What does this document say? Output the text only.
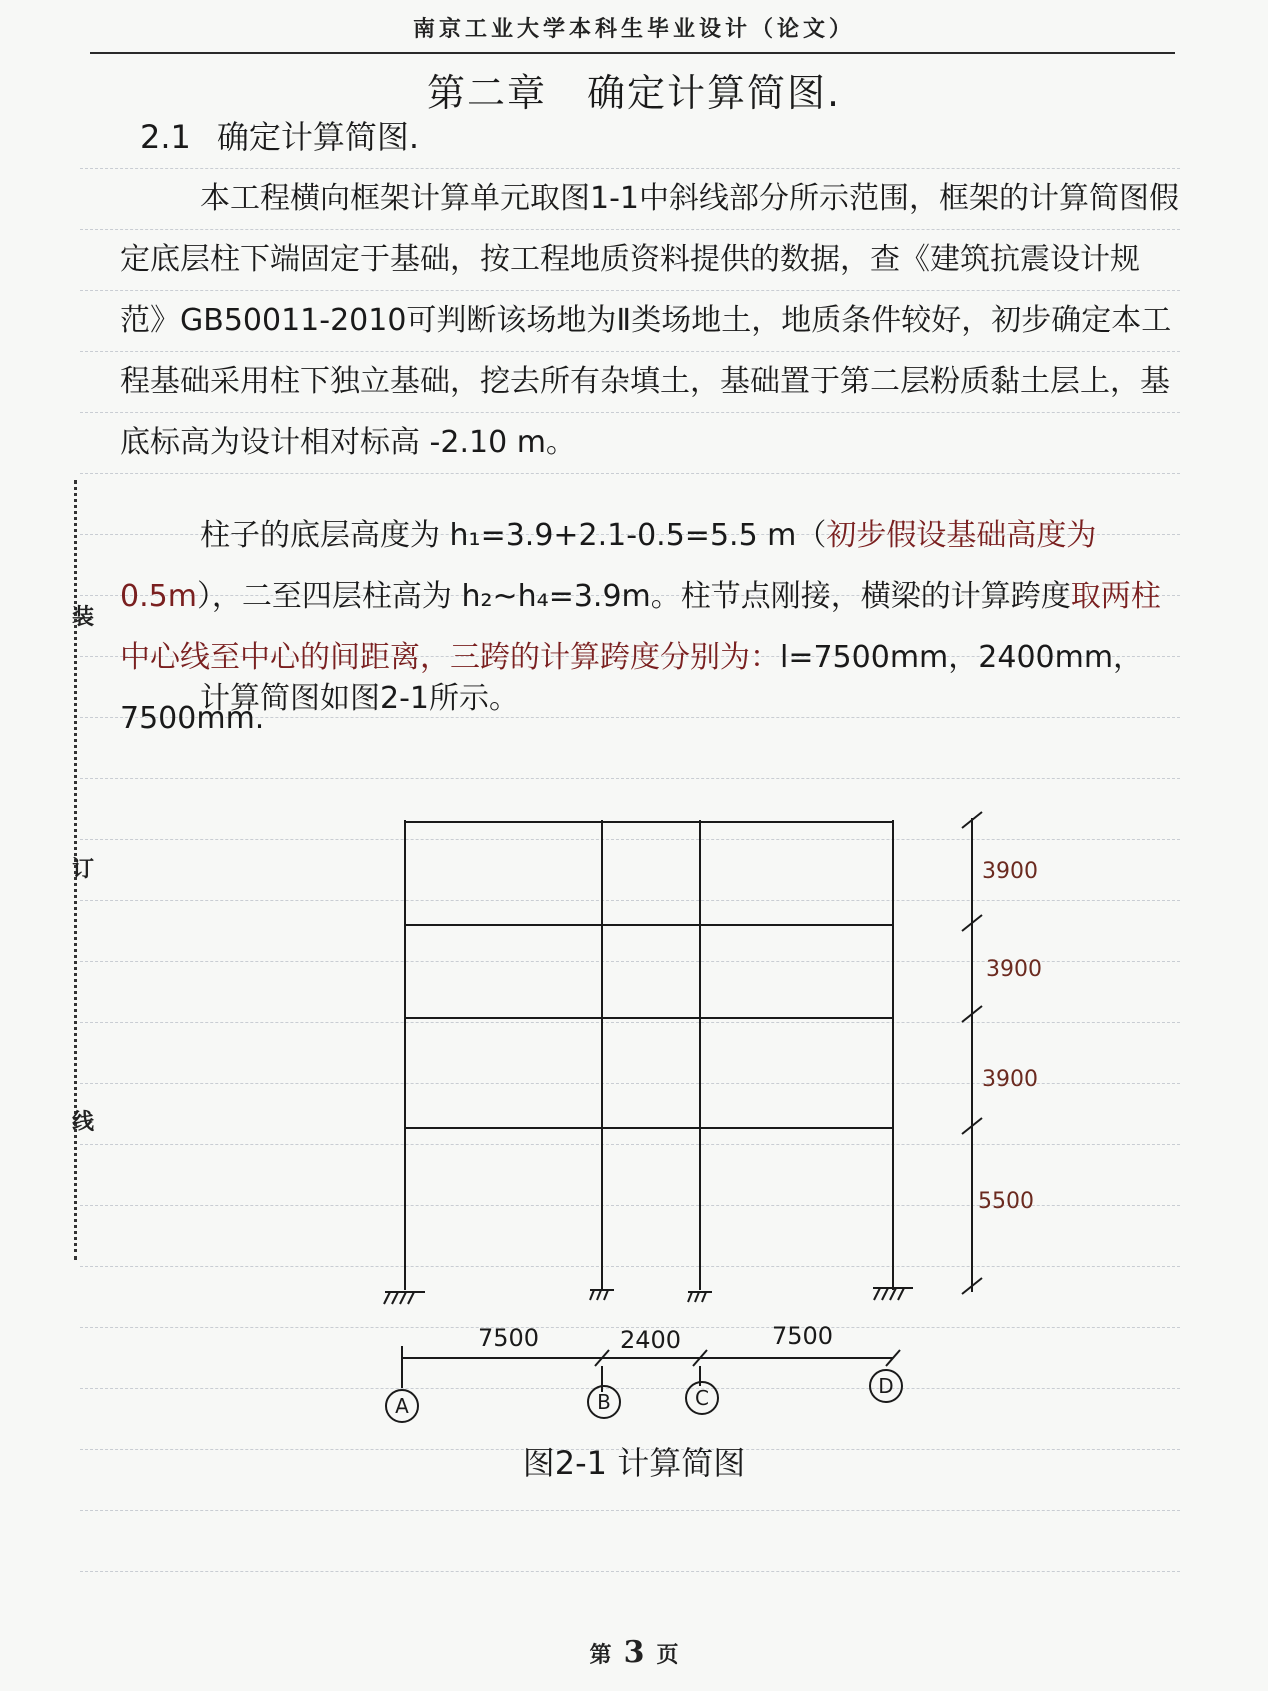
南京工业大学本科生毕业设计（论文）
第二章 确定计算简图.
2.1 确定计算简图.
本工程横向框架计算单元取图1-1中斜线部分所示范围，框架的计算简图假定底层柱下端固定于基础，按工程地质资料提供的数据，查《建筑抗震设计规范》GB50011-2010可判断该场地为Ⅱ类场地土，地质条件较好，初步确定本工程基础采用柱下独立基础，挖去所有杂填土，基础置于第二层粉质黏土层上，基底标高为设计相对标高 -2.10 m。
柱子的底层高度为 h₁=3.9+2.1-0.5=5.5 m（初步假设基础高度为0.5m），二至四层柱高为 h₂~h₄=3.9m。柱节点刚接，横梁的计算跨度取两柱中心线至中心的间距离，三跨的计算跨度分别为：l=7500mm，2400mm，7500mm.
计算简图如图2-1所示。
装
订
线
3900
3900
3900
5500
7500	2400	7500
A	B	C	D
图2-1 计算简图
第 3 页
